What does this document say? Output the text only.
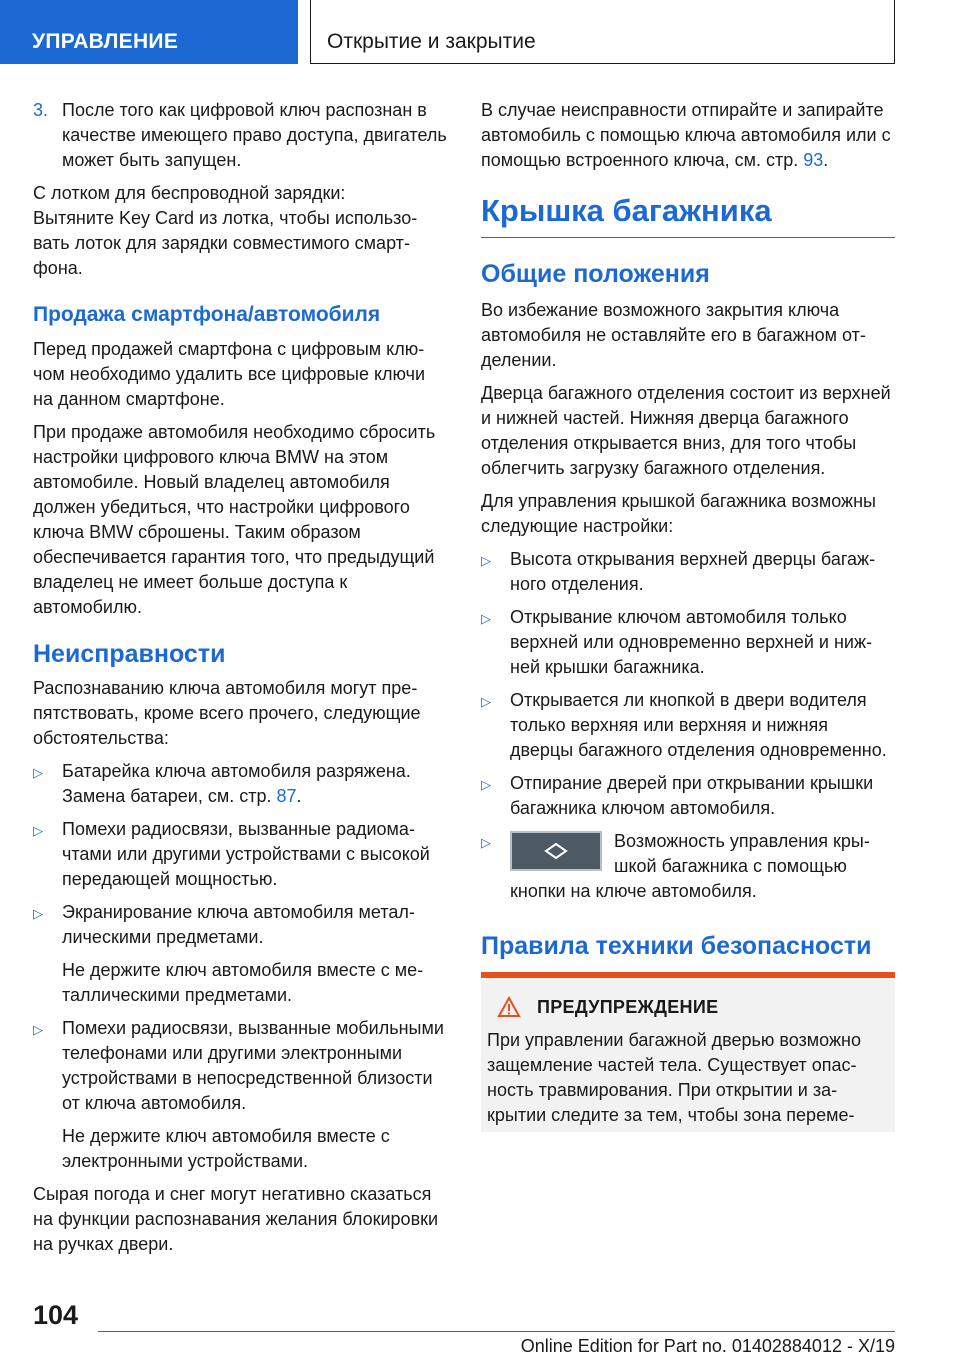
УПРАВЛЕНИЕ	Открытие и закрытие
3. После того как цифровой ключ распознан в качестве имеющего право доступа, двигатель может быть запущен.

С лотком для беспроводной зарядки:

Вытяните Key Card из лотка, чтобы использовать лоток для зарядки совместимого смартфона.

Продажа смартфона/автомобиля

Перед продажей смартфона с цифровым ключом необходимо удалить все цифровые ключи на данном смартфоне.

При продаже автомобиля необходимо сбросить настройки цифрового ключа BMW на этом автомобиле. Новый владелец автомобиля должен убедиться, что настройки цифрового ключа BMW сброшены. Таким образом обеспечивается гарантия того, что предыдущий владелец не имеет больше доступа к автомобилю.

Неисправности

Распознаванию ключа автомобиля могут препятствовать, кроме всего прочего, следующие обстоятельства:

▷	Батарейка ключа автомобиля разряжена. Замена батареи, см. стр. 87.
▷	Помехи радиосвязи, вызванные радиомачтами или другими устройствами с высокой передающей мощностью.
▷	Экранирование ключа автомобиля металлическими предметами.

Не держите ключ автомобиля вместе с металлическими предметами.

▷	Помехи радиосвязи, вызванные мобильными телефонами или другими электронными устройствами в непосредственной близости от ключа автомобиля.

Не держите ключ автомобиля вместе с электронными устройствами.

Сырая погода и снег могут негативно сказаться на функции распознавания желания блокировки на ручках двери.

В случае неисправности отпирайте и запирайте автомобиль с помощью ключа автомобиля или с помощью встроенного ключа, см. стр. 93.

Крышка багажника
Общие положения

Во избежание возможного закрытия ключа автомобиля не оставляйте его в багажном отделении.

Дверца багажного отделения состоит из верхней и нижней частей. Нижняя дверца багажного отделения открывается вниз, для того чтобы облегчить загрузку багажного отделения.

Для управления крышкой багажника возможны следующие настройки:

▷	Высота открывания верхней дверцы багажного отделения.
▷	Открывание ключом автомобиля только верхней или одновременно верхней и нижней крышки багажника.
▷	Открывается ли кнопкой в двери водителя только верхняя или верхняя и нижняя дверцы багажного отделения одновременно.
▷	Отпирание дверей при открывании крышки багажника ключом автомобиля.
▷	Возможность управления крышкой багажника с помощью кнопки на ключе автомобиля.
Правила техники безопасности
ПРЕДУПРЕЖДЕНИЕ

При управлении багажной дверью возможно защемление частей тела. Существует опасность травмирования. При открытии и закрытии следите за тем, чтобы зона переме-

104
Online Edition for Part no. 01402884012 - X/19
